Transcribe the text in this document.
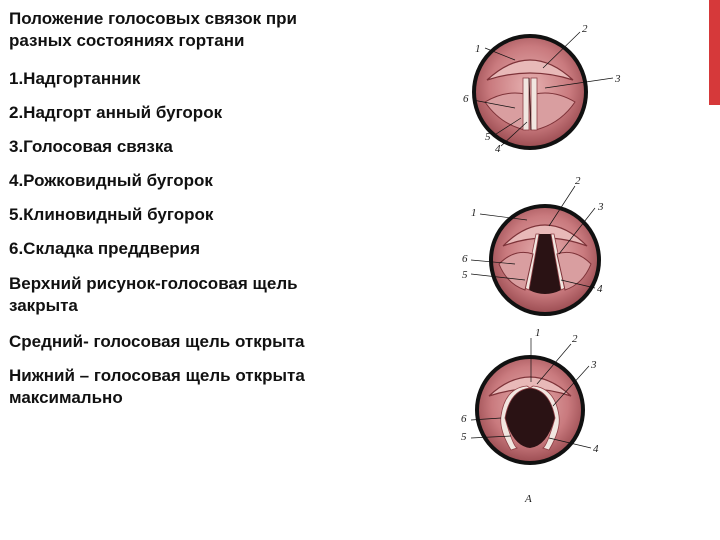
Положение голосовых связок при
разных состояниях гортани
1.Надгортанник
2.Надгорт анный бугорок
3.Голосовая связка
4.Рожковидный бугорок
5.Клиновидный бугорок
6.Складка преддверия
Верхний рисунок-голосовая щель
закрыта
Средний- голосовая щель открыта
Нижний – голосовая щель открыта
максимально
1
2
3
6
5
4
1
2
3
6
5
4
1	2
3
6
5
4
А
